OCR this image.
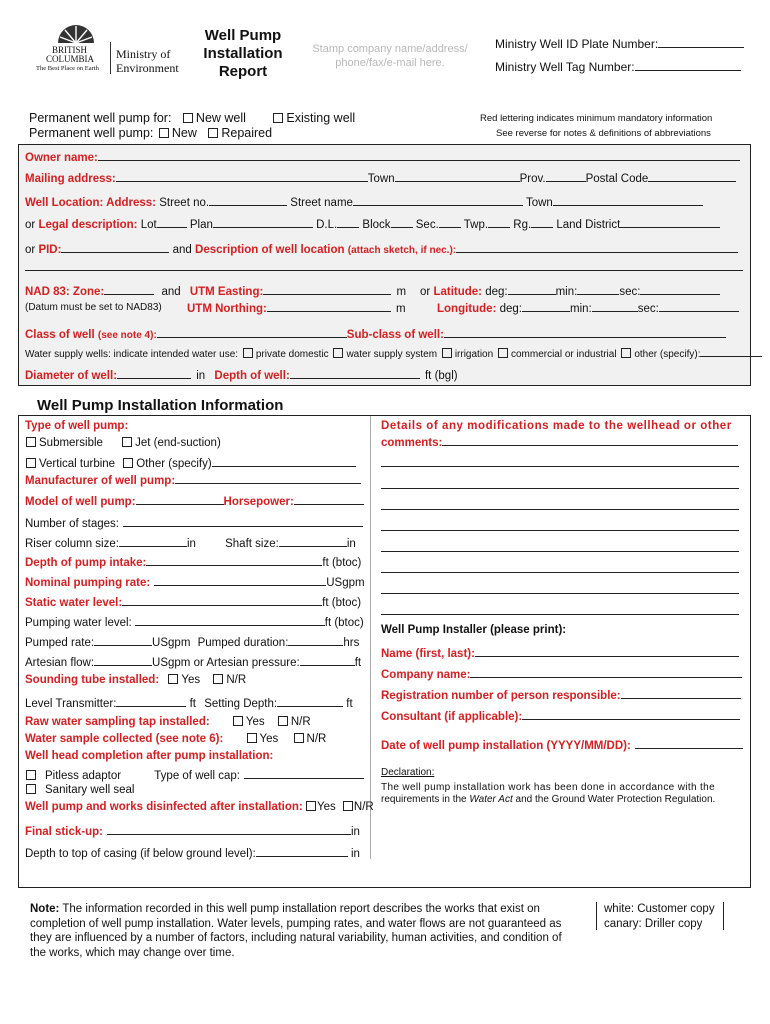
BRITISH
COLUMBIA
The Best Place on Earth
Ministry of
Environment
Well Pump
Installation
Report
Stamp company name/address/
phone/fax/e-mail here.
Ministry Well ID Plate Number:
Ministry Well Tag Number:
Permanent well pump for: New well	Existing well
Permanent well pump: New Repaired
Red lettering indicates minimum mandatory information
See reverse for notes & definitions of abbreviations
Owner name:
Mailing address:	Town	Prov.	Postal Code
Well Location: Address: Street no.	Street name	Town
or Legal description: Lot	Plan	D.L. Block Sec. Twp. Rg. Land District
or PID:	and Description of well location (attach sketch, if nec.):
NAD 83: Zone:	and UTM Easting:	m or Latitude: deg:	min:	sec:
(Datum must be set to NAD83) UTM Northing:	m	Longitude: deg:	min:	sec:
Class of well (see note 4):	Sub-class of well:
Water supply wells: indicate intended water use: private domestic water supply system irrigation commercial or industrial other (specify):
Diameter of well:	in Depth of well:	ft (bgl)
Well Pump Installation Information
Type of well pump:
Submersible	Jet (end-suction)
Vertical turbine Other (specify)
Manufacturer of well pump:
Model of well pump:	Horsepower:
Number of stages:
Riser column size:	in	Shaft size:	in
Depth of pump intake:	ft (btoc)
Nominal pumping rate:	USgpm
Static water level:	ft (btoc)
Pumping water level:	ft (btoc)
Pumped rate:	USgpm Pumped duration:	hrs
Artesian flow:	USgpm or Artesian pressure:	ft
Sounding tube installed: Yes N/R
Level Transmitter:	ft Setting Depth:	ft
Raw water sampling tap installed:	Yes N/R
Water sample collected (see note 6):	Yes N/R
Well head completion after pump installation:
Pitless adaptor	Type of well cap:
Sanitary well seal
Well pump and works disinfected after installation: Yes N/R
Final stick-up:	in
Depth to top of casing (if below ground level):	in
Details of any modifications made to the wellhead or other
comments:
Well Pump Installer (please print):
Name (first, last):
Company name:
Registration number of person responsible:
Consultant (if applicable):
Date of well pump installation (YYYY/MM/DD):
Declaration:
The well pump installation work has been done in accordance with the
requirements in the Water Act and the Ground Water Protection Regulation.
Note: The information recorded in this well pump installation report describes the works that exist on
completion of well pump installation. Water levels, pumping rates, and water flows are not guaranteed as
they are influenced by a number of factors, including natural variability, human activities, and condition of
the works, which may change over time.
white: Customer copy
canary: Driller copy
